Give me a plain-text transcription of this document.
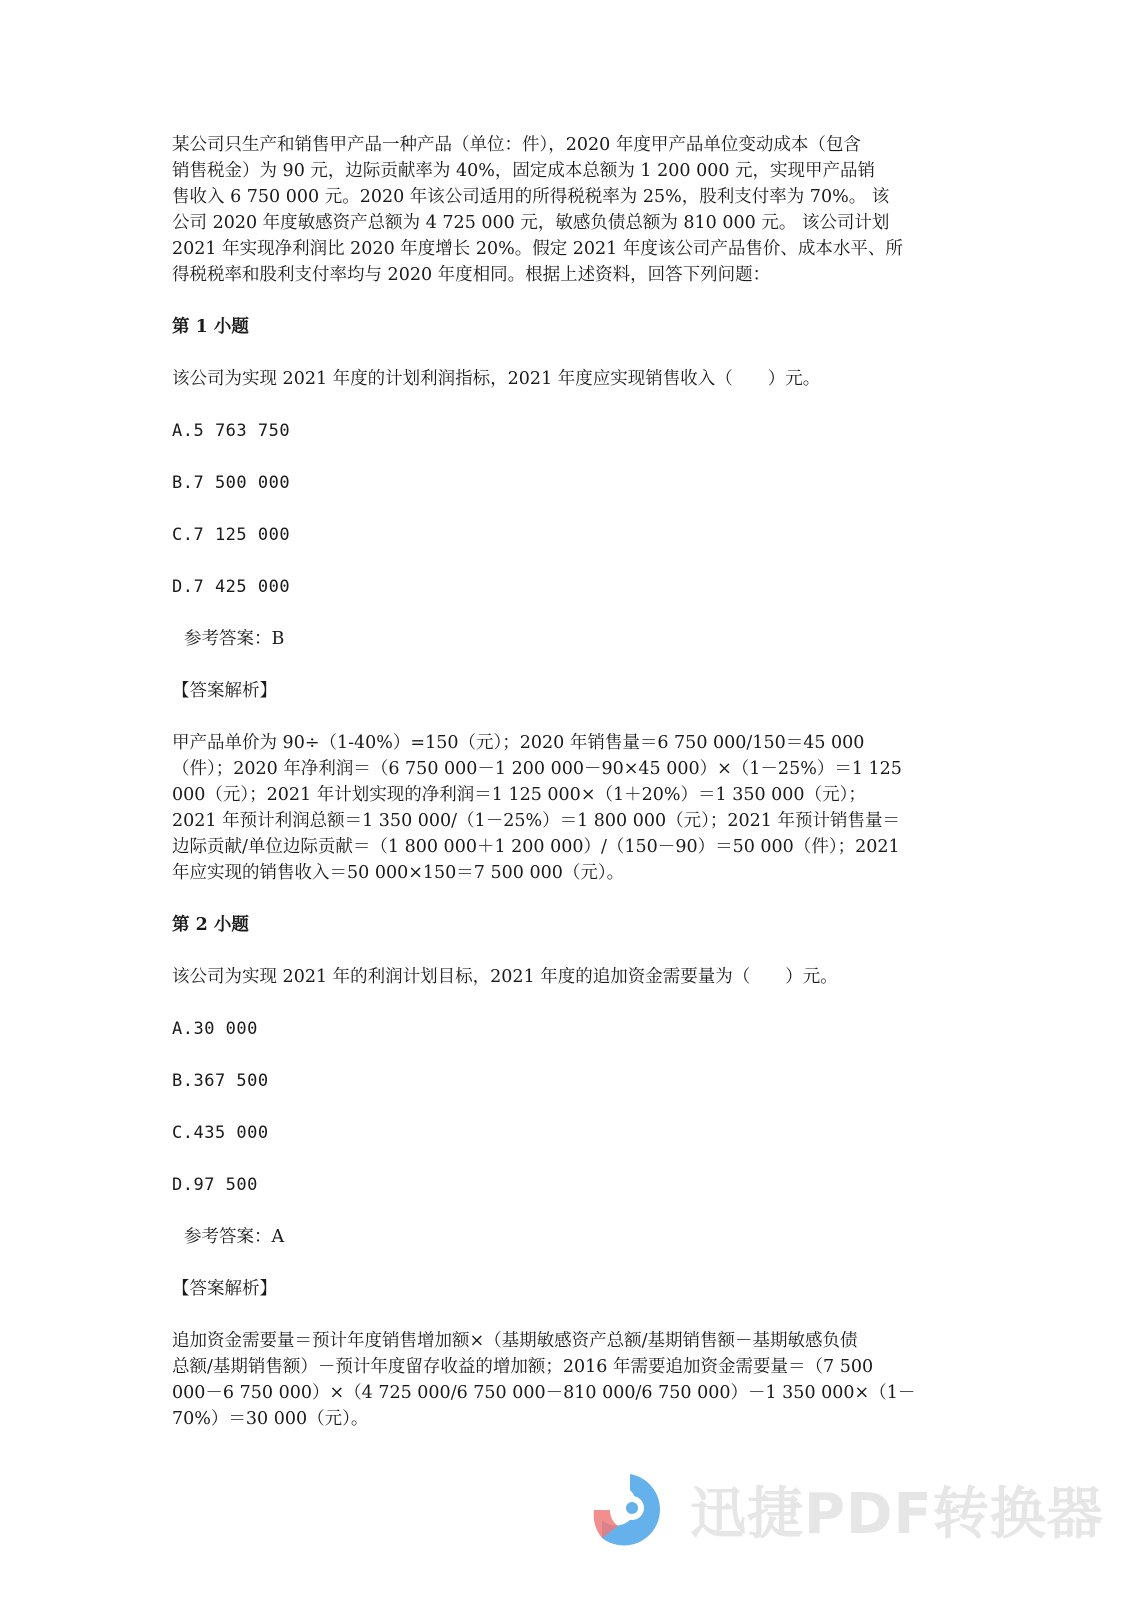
某公司只生产和销售甲产品一种产品（单位：件），2020 年度甲产品单位变动成本（包含
销售税金）为 90 元，边际贡献率为 40%，固定成本总额为 1 200 000 元，实现甲产品销
售收入 6 750 000 元。2020 年该公司适用的所得税税率为 25%，股利支付率为 70%。 该
公司 2020 年度敏感资产总额为 4 725 000 元，敏感负债总额为 810 000 元。 该公司计划
2021 年实现净利润比 2020 年度增长 20%。假定 2021 年度该公司产品售价、成本水平、所
得税税率和股利支付率均与 2020 年度相同。根据上述资料，回答下列问题：

第 1 小题

该公司为实现 2021 年度的计划利润指标，2021 年度应实现销售收入（　　）元。

A.5 763 750

B.7 500 000

C.7 125 000

D.7 425 000

参考答案：B

【答案解析】

甲产品单价为 90÷（1-40%）=150（元）；2020 年销售量＝6 750 000/150＝45 000
（件）；2020 年净利润＝（6 750 000－1 200 000－90×45 000）×（1－25%）＝1 125
000（元）；2021 年计划实现的净利润＝1 125 000×（1＋20%）＝1 350 000（元）；
2021 年预计利润总额＝1 350 000/（1－25%）＝1 800 000（元）；2021 年预计销售量＝
边际贡献/单位边际贡献＝（1 800 000＋1 200 000）/（150－90）＝50 000（件）；2021
年应实现的销售收入＝50 000×150＝7 500 000（元）。

第 2 小题

该公司为实现 2021 年的利润计划目标，2021 年度的追加资金需要量为（　　）元。

A.30 000

B.367 500

C.435 000

D.97 500

参考答案：A

【答案解析】

追加资金需要量＝预计年度销售增加额×（基期敏感资产总额/基期销售额－基期敏感负债
总额/基期销售额）－预计年度留存收益的增加额；2016 年需要追加资金需要量＝（7 500
000－6 750 000）×（4 725 000/6 750 000－810 000/6 750 000）－1 350 000×（1－
70%）＝30 000（元）。
迅捷PDF转换器
